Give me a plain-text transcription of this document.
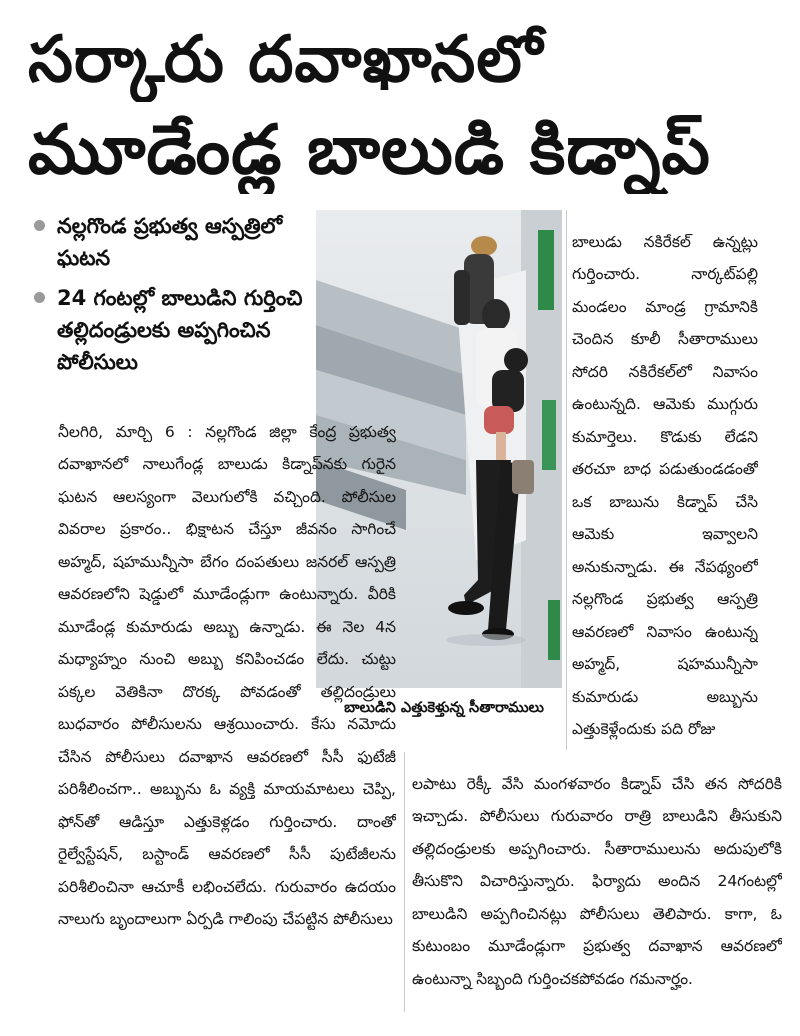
సర్కారు దవాఖానలో
మూడేండ్ల బాలుడి కిడ్నాప్
నల్లగొండ ప్రభుత్వ ఆస్పత్రిలో ఘటన
24 గంటల్లో బాలుడిని గుర్తించి తల్లిదండ్రులకు అప్పగించిన పోలీసులు
బాలుడిని ఎత్తుకెళ్తున్న సీతారాములు

నీలగిరి, మార్చి 6 : నల్లగొండ జిల్లా కేంద్ర ప్రభుత్వ దవాఖానలో నాలుగేండ్ల బాలుడు కిడ్నాప్‌నకు గురైన ఘటన ఆలస్యంగా వెలుగులోకి వచ్చింది. పోలీసుల వివరాల ప్రకారం.. భిక్షాటన చేస్తూ జీవనం సాగించే అహ్మద్, షహమున్నీసా బేగం దంపతులు జనరల్ ఆస్పత్రి ఆవరణలోని షెడ్డులో మూడేండ్లుగా ఉంటున్నారు. వీరికి మూడేండ్ల కుమారుడు అబ్బు ఉన్నాడు. ఈ నెల 4న మధ్యాహ్నం నుంచి అబ్బు కనిపించడం లేదు. చుట్టు పక్కల వెతికినా దొరక్క పోవడంతో తల్లిదండ్రులు బుధవారం పోలీసులను ఆశ్రయించారు. కేసు నమోదు చేసిన పోలీసులు దవాఖాన ఆవరణలో సీసీ ఫుటేజీ పరిశీలించగా.. అబ్బును ఓ వ్యక్తి మాయమాటలు చెప్పి, ఫోన్‌తో ఆడిస్తూ ఎత్తుకెళ్లడం గుర్తించారు. దాంతో రైల్వేస్టేషన్, బస్టాండ్ ఆవరణలో సీసీ పుటేజీలను పరిశీలించినా ఆచూకీ లభించలేదు. గురువారం ఉదయం నాలుగు బృందాలుగా ఏర్పడి గాలింపు చేపట్టిన పోలీసులు

బాలుడు నకిరేకల్ ఉన్నట్లు గుర్తించారు. నార్కట్‌పల్లి మండలం మాండ్ర గ్రామానికి చెందిన కూలీ సీతారాములు సోదరి నకిరేకల్‌లో నివాసం ఉంటున్నది. ఆమెకు ముగ్గురు కుమార్తెలు. కొడుకు లేడని తరచూ బాధ పడుతుండడంతో ఒక బాబును కిడ్నాప్ చేసి ఆమెకు ఇవ్వాలని అనుకున్నాడు. ఈ నేపథ్యంలో నల్లగొండ ప్రభుత్వ ఆస్పత్రి ఆవరణలో నివాసం ఉంటున్న అహ్మద్, షహమున్నీసా కుమారుడు అబ్బును ఎత్తుకెళ్లేందుకు పది రోజు

లపాటు రెక్కీ వేసి మంగళవారం కిడ్నాప్ చేసి తన సోదరికి ఇచ్చాడు. పోలీసులు గురువారం రాత్రి బాలుడిని తీసుకుని తల్లిదండ్రులకు అప్పగించారు. సీతారాములును అదుపులోకి తీసుకొని విచారిస్తున్నారు. ఫిర్యాదు అందిన 24గంటల్లో బాలుడిని అప్పగించినట్లు పోలీసులు తెలిపారు. కాగా, ఓ కుటుంబం మూడేండ్లుగా ప్రభుత్వ దవాఖాన ఆవరణలో ఉంటున్నా సిబ్బంది గుర్తించకపోవడం గమనార్హం.
